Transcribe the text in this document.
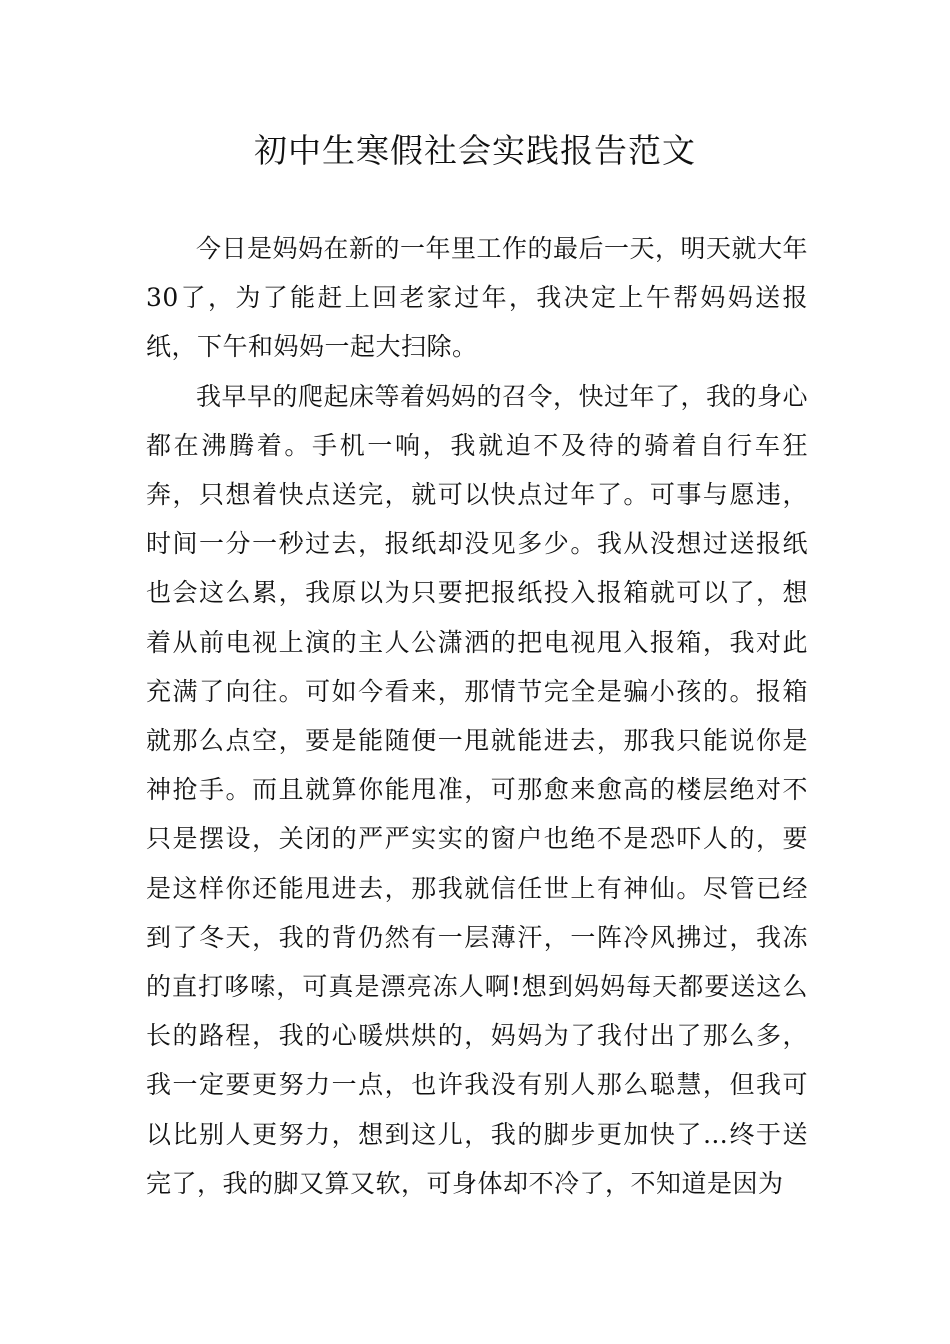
初中生寒假社会实践报告范文

今日是妈妈在新的一年里工作的最后一天，明天就大年30了，为了能赶上回老家过年，我决定上午帮妈妈送报纸，下午和妈妈一起大扫除。

我早早的爬起床等着妈妈的召令，快过年了，我的身心都在沸腾着。手机一响，我就迫不及待的骑着自行车狂奔，只想着快点送完，就可以快点过年了。可事与愿违，时间一分一秒过去，报纸却没见多少。我从没想过送报纸也会这么累，我原以为只要把报纸投入报箱就可以了，想着从前电视上演的主人公潇洒的把电视甩入报箱，我对此充满了向往。可如今看来，那情节完全是骗小孩的。报箱就那么点空，要是能随便一甩就能进去，那我只能说你是神抢手。而且就算你能甩准，可那愈来愈高的楼层绝对不只是摆设，关闭的严严实实的窗户也绝不是恐吓人的，要是这样你还能甩进去，那我就信任世上有神仙。尽管已经到了冬天，我的背仍然有一层薄汗，一阵冷风拂过，我冻的直打哆嗦，可真是漂亮冻人啊!想到妈妈每天都要送这么长的路程，我的心暖烘烘的，妈妈为了我付出了那么多，我一定要更努力一点，也许我没有别人那么聪慧，但我可以比别人更努力，想到这儿，我的脚步更加快了…终于送完了，我的脚又算又软，可身体却不冷了，不知道是因为
